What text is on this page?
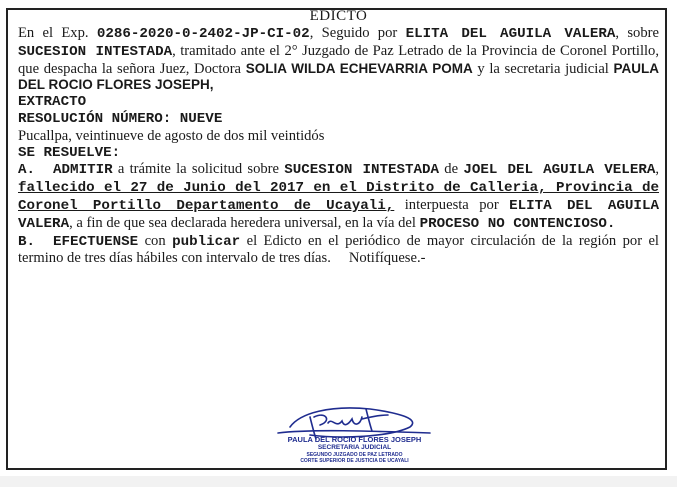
EDICTO

En el Exp. 0286-2020-0-2402-JP-CI-02, Seguido por ELITA DEL AGUILA VALERA, sobre SUCESION INTESTADA, tramitado ante el 2° Juzgado de Paz Letrado de la Provincia de Coronel Portillo, que despacha la señora Juez, Doctora SOLIA WILDA ECHEVARRIA POMA y la secretaria judicial PAULA DEL ROCIO FLORES JOSEPH,

EXTRACTO

RESOLUCIÓN NÚMERO: NUEVE

Pucallpa, veintinueve de agosto de dos mil veintidós

SE RESUELVE:

A. ADMITIR a trámite la solicitud sobre SUCESION INTESTADA de JOEL DEL AGUILA VELERA, fallecido el 27 de Junio del 2017 en el Distrito de Calleria, Provincia de Coronel Portillo Departamento de Ucayali, interpuesta por ELITA DEL AGUILA VALERA, a fin de que sea declarada heredera universal, en la vía del PROCESO NO CONTENCIOSO.

B. EFECTUENSE con publicar el Edicto en el periódico de mayor circulación de la región por el termino de tres días hábiles con intervalo de tres días. Notifíquese.-

PAULA DEL ROCIO FLORES JOSEPH
SECRETARIA JUDICIAL
SEGUNDO JUZGADO DE PAZ LETRADO
CORTE SUPERIOR DE JUSTICIA DE UCAYALI
